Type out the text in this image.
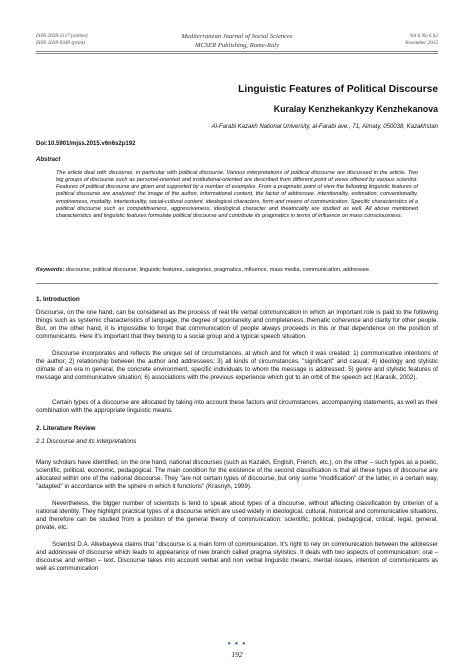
ISSN 2039-2117 (online)
ISSN 2039-9340 (print)
Mediterranean Journal of Social Sciences
MCSER Publishing, Rome-Italy
Vol 6 No 6 S2
November 2015
Linguistic Features of Political Discourse
Kuralay Kenzhekankyzy Kenzhekanova
Al-Farabi Kazakh National University, al-Farabi ave., 71, Almaty, 050038, Kazakhstan
Doi:10.5901/mjss.2015.v6n6s2p192
Abstract

The article deal with discourse, in particular with political discourse. Various interpretations of political discourse are discussed in the article. Two big groups of discourse such as personal-oriented and institutional-oriented are described from different point of views offered by various scientist. Features of political discourse are given and supported by a number of examples. From a pragmatic point of view the following linguistic features of political discourse are analyzed: the image of the author, informational content, the factor of addressee, intentionality, estimation, conventionality, emotiveness, modality, intertextuality, social-cultural content, ideological characters, form and means of communication. Specific characteristics of a political discourse such as competitiveness, aggressiveness, ideological character and theatricality are studied as well. All above mentioned characteristics and linguistic features formulate political discourse and contribute its pragmatics in terms of influence on mass consciousness.

Keywords: discourse, political discourse, linguistic features, categories, pragmatics, influence, mass media, communication, addressee.

1. Introduction

Discourse, on the one hand, can be considered as the process of real life verbal communication in which an important role is paid to the following things such as systemic characteristics of language, the degree of spontaneity and completeness, thematic coherence and clarity for other people. But, on the other hand, it is impossible to forget that communication of people always proceeds in this or that dependence on the position of communicants. Here it's important that they belong to a social group and a typical speech situation.

Discourse incorporates and reflects the unique set of circumstances, at which and for which it was created: 1) communicative intentions of the author; 2) relationship between the author and addressees; 3) all kinds of circumstances, "significant" and casual; 4) ideology and stylistic climate of an era in general, the concrete environment, specific individuals to whom the message is addressed; 5) genre and stylistic features of message and communicative situation; 6) associations with the previous experience which got to an orbit of the speech act (Karasik, 2002).

Certain types of a discourse are allocated by taking into account these factors and circumstances, accompanying statements, as well as their combination with the appropriate linguistic means.

2. Literature Review

2.1 Discourse and its interpretations

Many scholars have identified, on the one hand, national discourses (such as Kazakh, English, French, etc.), on the other – such types as a poetic, scientific, political, economic, pedagogical. The main condition for the existence of the second classification is that all these types of discourse are allocated within one of the national discourse. They "are not certain types of discourse, but only some "modification" of the latter, in a certain way, "adapted" in accordance with the sphere in which it functions" (Krasnyh, 1999).

Nevertheless, the bigger number of scientists is tend to speak about types of a discourse, without affecting classification by criterion of a national identity. They highlight practical types of a discourse which are used widely in ideological, cultural, historical and communicative situations, and therefore can be studied from a position of the general theory of communication: scientific, political, pedagogical, critical, legal, general, private, etc.

Scientist D.A. Alkebayeva claims that "discourse is a main form of communication. It's right to rely on communication between the addresser and addressee of discourse which leads to appearance of new branch called pragma stylistics. It deals with two aspects of communication: oral – discourse and written – text. Discourse takes into account verbal and non verbal linguistic means, mental issues, intention of communicants as well as communication

● ● ●
192
